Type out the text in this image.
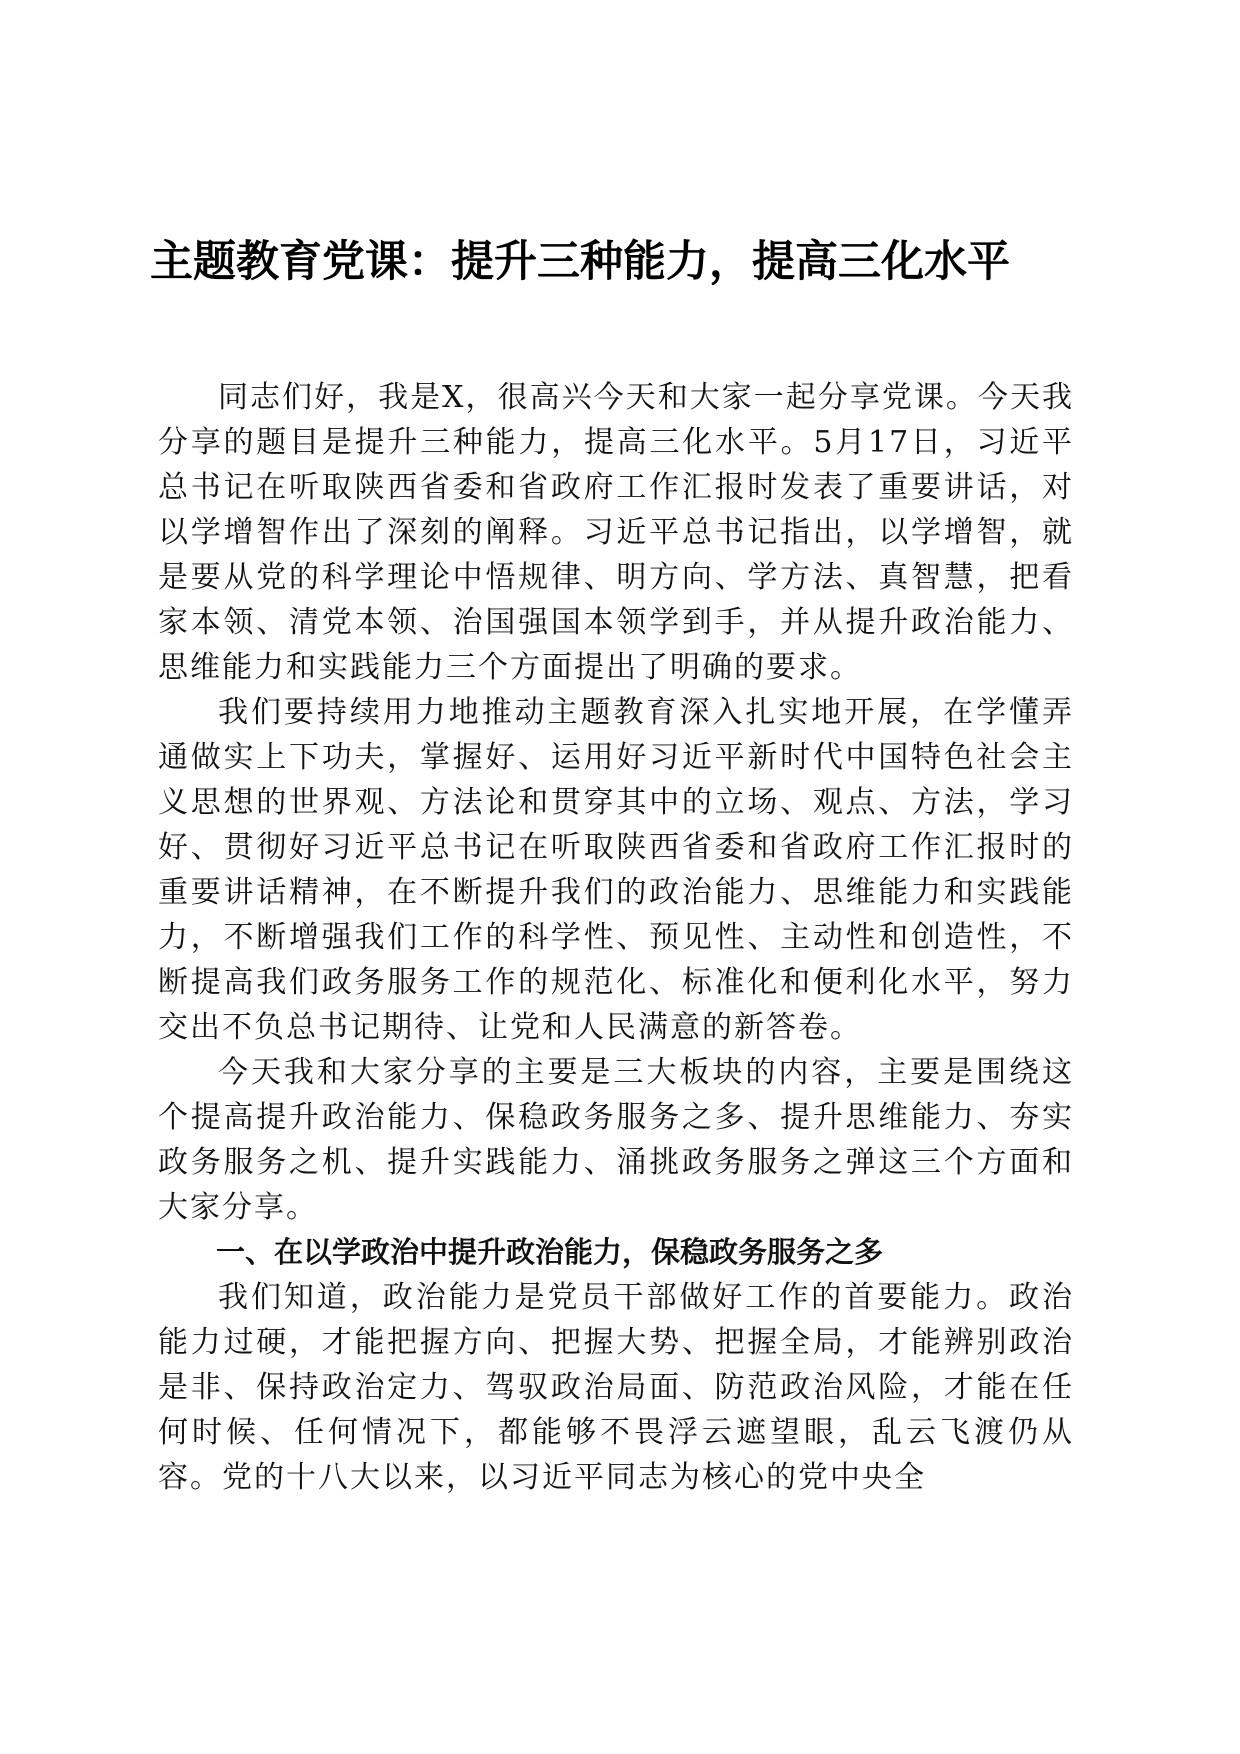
主题教育党课：提升三种能力，提高三化水平

同志们好，我是X，很高兴今天和大家一起分享党课。今天我分享的题目是提升三种能力，提高三化水平。5月17日，习近平总书记在听取陕西省委和省政府工作汇报时发表了重要讲话，对以学增智作出了深刻的阐释。习近平总书记指出，以学增智，就是要从党的科学理论中悟规律、明方向、学方法、真智慧，把看家本领、清党本领、治国强国本领学到手，并从提升政治能力、思维能力和实践能力三个方面提出了明确的要求。

我们要持续用力地推动主题教育深入扎实地开展，在学懂弄通做实上下功夫，掌握好、运用好习近平新时代中国特色社会主义思想的世界观、方法论和贯穿其中的立场、观点、方法，学习好、贯彻好习近平总书记在听取陕西省委和省政府工作汇报时的重要讲话精神，在不断提升我们的政治能力、思维能力和实践能力，不断增强我们工作的科学性、预见性、主动性和创造性，不断提高我们政务服务工作的规范化、标准化和便利化水平，努力交出不负总书记期待、让党和人民满意的新答卷。

今天我和大家分享的主要是三大板块的内容，主要是围绕这个提高提升政治能力、保稳政务服务之多、提升思维能力、夯实政务服务之机、提升实践能力、涌挑政务服务之弹这三个方面和大家分享。

一、在以学政治中提升政治能力，保稳政务服务之多

我们知道，政治能力是党员干部做好工作的首要能力。政治能力过硬，才能把握方向、把握大势、把握全局，才能辨别政治是非、保持政治定力、驾驭政治局面、防范政治风险，才能在任何时候、任何情况下，都能够不畏浮云遮望眼，乱云飞渡仍从容。党的十八大以来，以习近平同志为核心的党中央全
